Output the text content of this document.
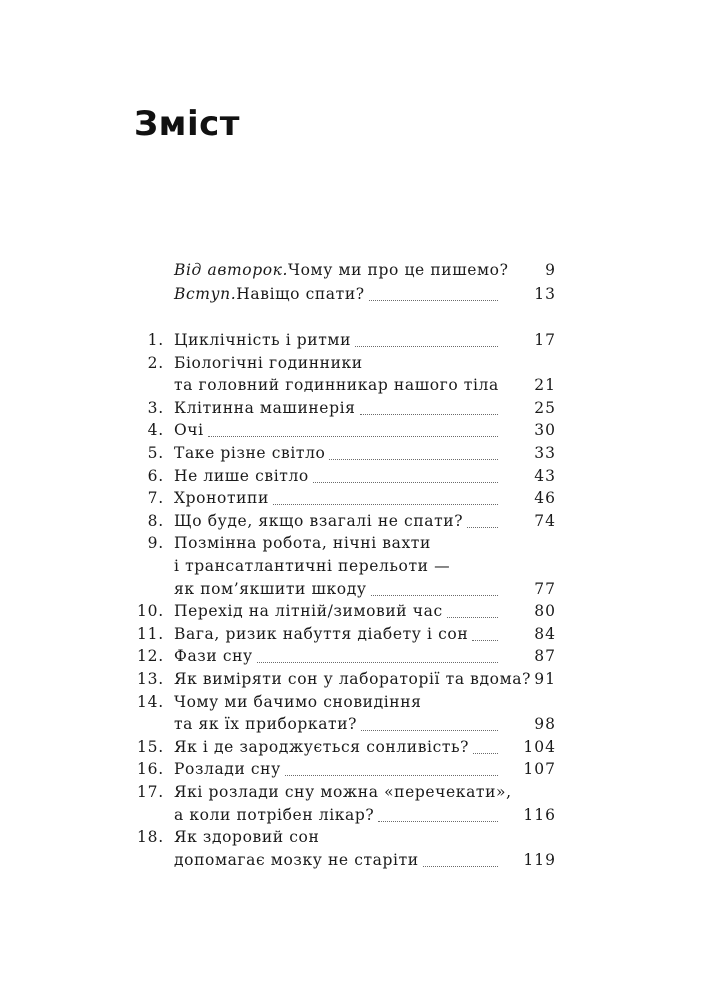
Зміст
Від авторок. Чому ми про це пишемо?	9
Вступ. Навіщо спати?	13
1. Циклічність і ритми	17
2. Біологічні годинники
та головний годинникар нашого тіла	21
3. Клітинна машинерія	25
4. Очі	30
5. Таке різне світло	33
6. Не лише світло	43
7. Хронотипи	46
8. Що буде, якщо взагалі не спати?	74
9. Позмінна робота, нічні вахти
і трансатлантичні перельоти —
як пом’якшити шкоду	77
10. Перехід на літній/зимовий час	80
11. Вага, ризик набуття діабету і сон	84
12. Фази сну	87
13. Як виміряти сон у лабораторії та вдома? 91
14. Чому ми бачимо сновидіння
та як їх приборкати?	98
15. Як і де зароджується сонливість?	104
16. Розлади сну	107
17. Які розлади сну можна «перечекати»,
а коли потрібен лікар?	116
18. Як здоровий сон
допомагає мозку не старіти	119
